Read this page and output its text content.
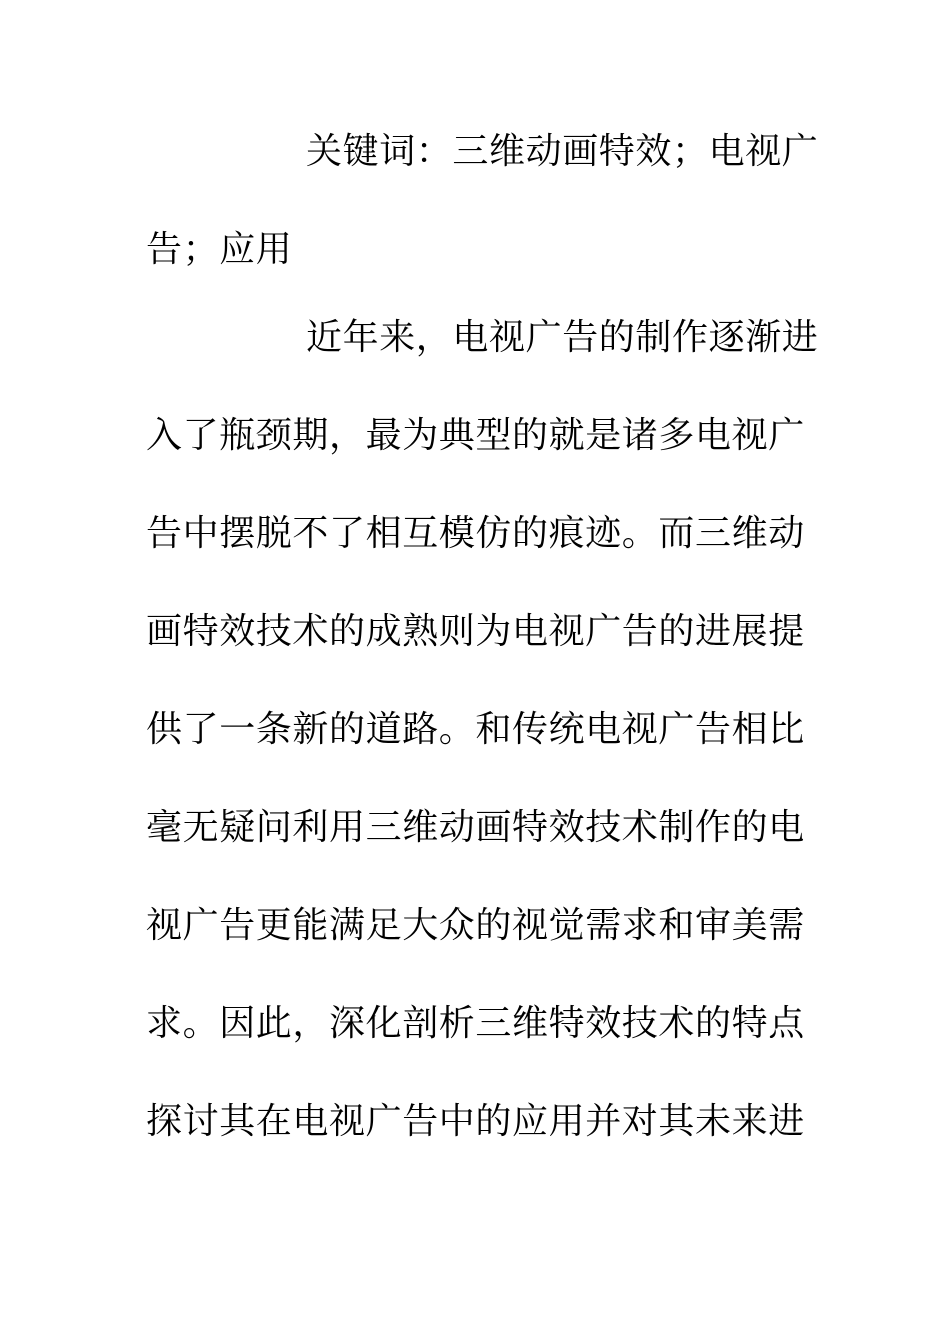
关键词：三维动画特效；电视广
告；应用
近年来，电视广告的制作逐渐进
入了瓶颈期，最为典型的就是诸多电视广
告中摆脱不了相互模仿的痕迹。而三维动
画特效技术的成熟则为电视广告的进展提
供了一条新的道路。和传统电视广告相比
毫无疑问利用三维动画特效技术制作的电
视广告更能满足大众的视觉需求和审美需
求。因此，深化剖析三维特效技术的特点
探讨其在电视广告中的应用并对其未来进
